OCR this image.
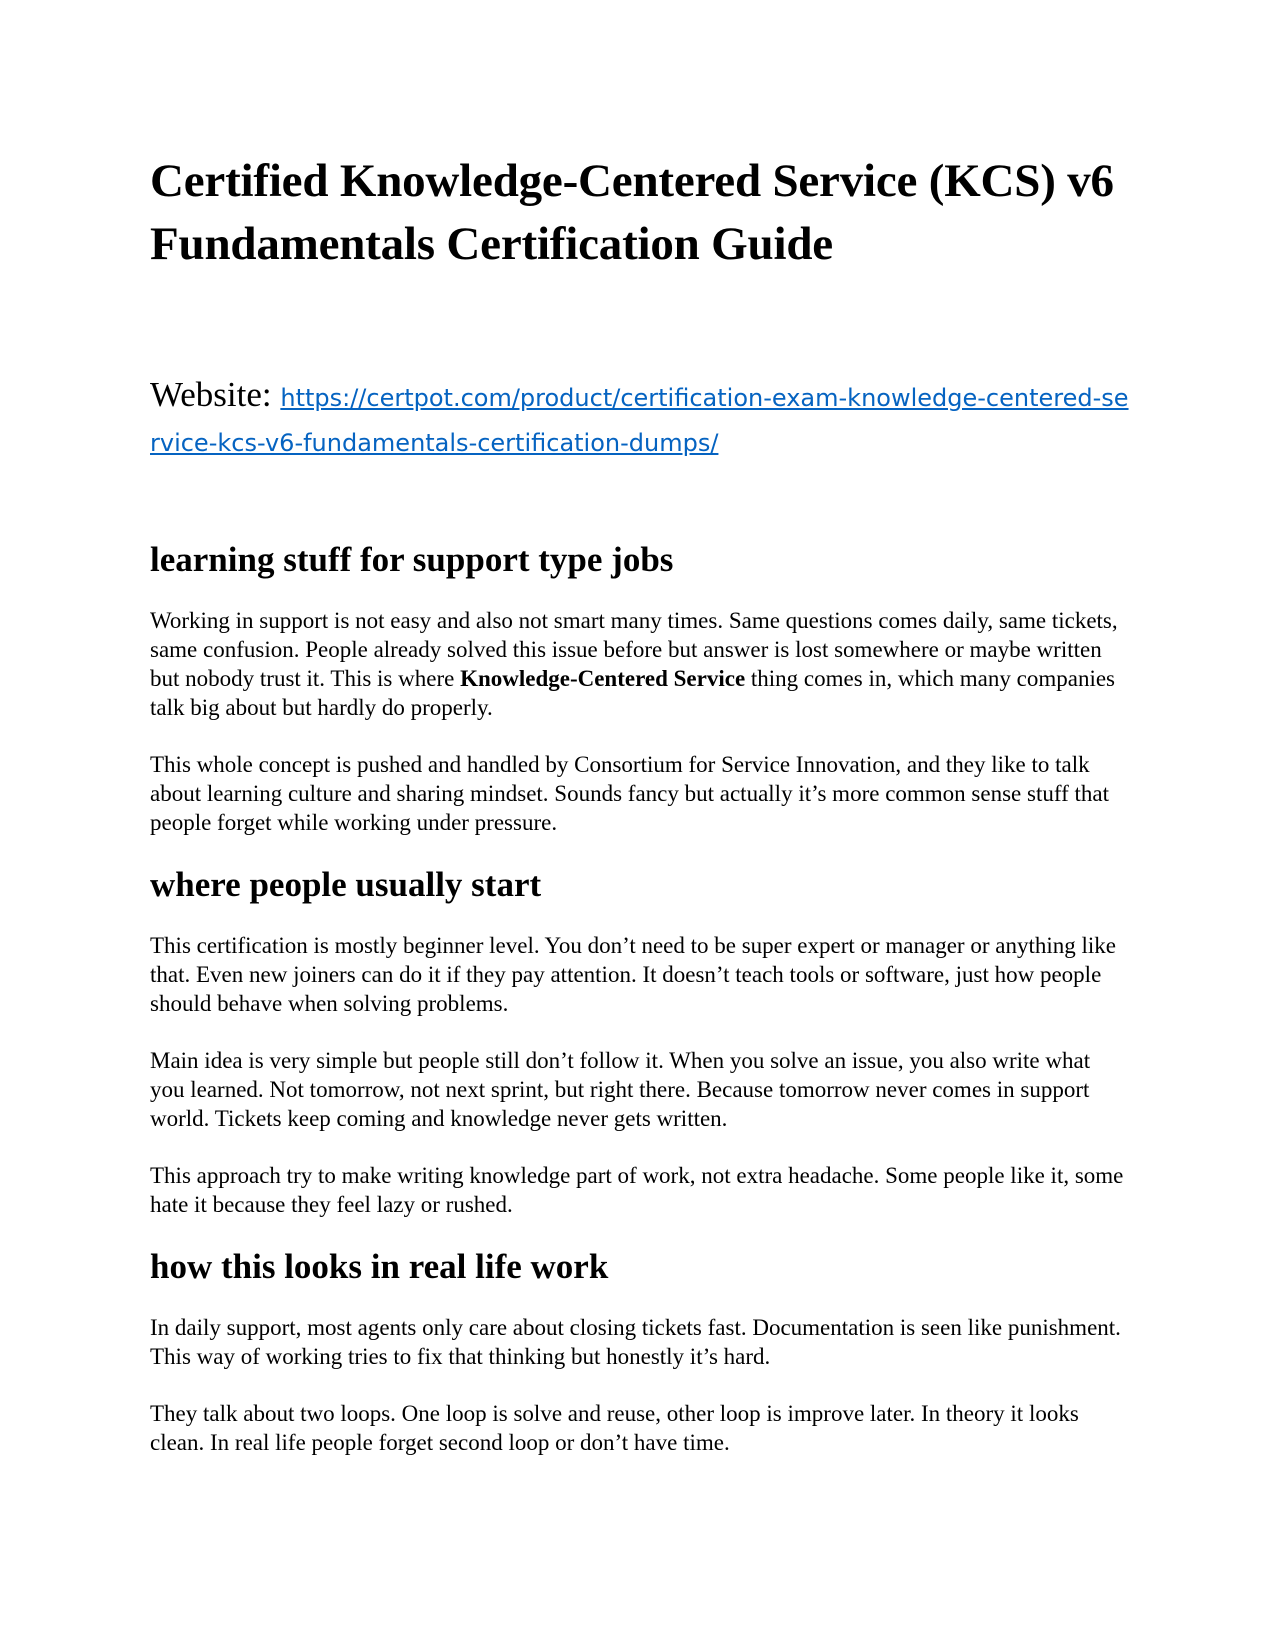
Certified Knowledge-Centered Service (KCS) v6 Fundamentals Certification Guide
Website: https://certpot.com/product/certification-exam-knowledge-centered-service-kcs-v6-fundamentals-certification-dumps/
learning stuff for support type jobs

Working in support is not easy and also not smart many times. Same questions comes daily, same tickets, same confusion. People already solved this issue before but answer is lost somewhere or maybe written but nobody trust it. This is where Knowledge-Centered Service thing comes in, which many companies talk big about but hardly do properly.

This whole concept is pushed and handled by Consortium for Service Innovation, and they like to talk about learning culture and sharing mindset. Sounds fancy but actually it’s more common sense stuff that people forget while working under pressure.

where people usually start

This certification is mostly beginner level. You don’t need to be super expert or manager or anything like that. Even new joiners can do it if they pay attention. It doesn’t teach tools or software, just how people should behave when solving problems.

Main idea is very simple but people still don’t follow it. When you solve an issue, you also write what you learned. Not tomorrow, not next sprint, but right there. Because tomorrow never comes in support world. Tickets keep coming and knowledge never gets written.

This approach try to make writing knowledge part of work, not extra headache. Some people like it, some hate it because they feel lazy or rushed.

how this looks in real life work

In daily support, most agents only care about closing tickets fast. Documentation is seen like punishment. This way of working tries to fix that thinking but honestly it’s hard.

They talk about two loops. One loop is solve and reuse, other loop is improve later. In theory it looks clean. In real life people forget second loop or don’t have time.
